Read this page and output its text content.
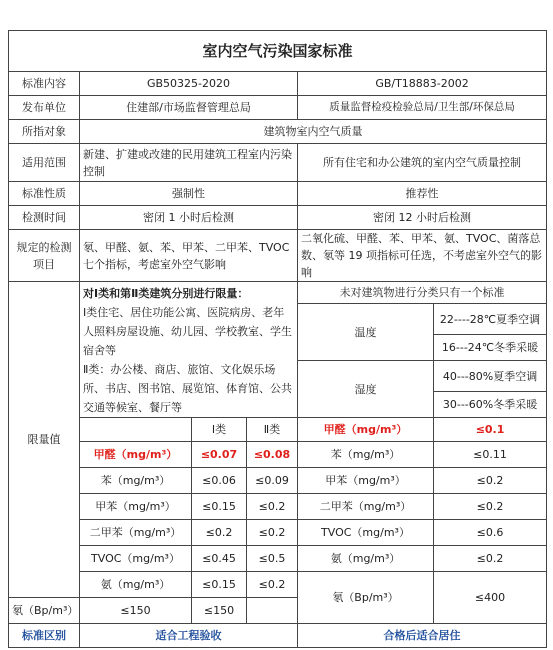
室内空气污染国家标准					
标准内容	GB50325-2020			GB/T18883-2002	
发布单位	住建部/市场监督管理总局			质量监督检疫检验总局/卫生部/环保总局	
所指对象	建筑物室内空气质量				
适用范围	新建、扩建或改建的民用建筑工程室内污染控制			所有住宅和办公建筑的室内空气质量控制	
标准性质	强制性			推荐性	
检测时间	密闭 1 小时后检测			密闭 12 小时后检测	
规定的检测项目	氡、甲醛、氨、苯、甲苯、二甲苯、TVOC 七个指标，考虑室外空气影响			二氧化硫、甲醛、苯、甲苯、氨、TVOC、菌落总数、氡等 19 项指标可任选，不考虑室外空气的影响	
限量值	对Ⅰ类和第Ⅱ类建筑分别进行限量：
Ⅰ类住宅、居住功能公寓、医院病房、老年人照料房屋设施、幼儿园、学校教室、学生宿舍等
Ⅱ类：办公楼、商店、旅馆、文化娱乐场所、书店、图书馆、展览馆、体育馆、公共交通等候室、餐厅等			未对建筑物进行分类只有一个标准	
				温度	22----28℃夏季空调
					16---24℃冬季采暖
				湿度	40---80%夏季空调
					30---60%冬季采暖
		Ⅰ类	Ⅱ类	甲醛（mg/m³）	≤0.1
	甲醛（mg/m³）	≤0.07	≤0.08	苯（mg/m³）	≤0.11
	苯（mg/m³）	≤0.06	≤0.09	甲苯（mg/m³）	≤0.2
	甲苯（mg/m³）	≤0.15	≤0.2	二甲苯（mg/m³）	≤0.2
	二甲苯（mg/m³）	≤0.2	≤0.2	TVOC（mg/m³）	≤0.6
	TVOC（mg/m³）	≤0.45	≤0.5	氨（mg/m³）	≤0.2
	氨（mg/m³）	≤0.15	≤0.2	氡（Bp/m³）	≤400
氡（Bp/m³）	≤150	≤150			
标准区别	适合工程验收			合格后适合居住	
